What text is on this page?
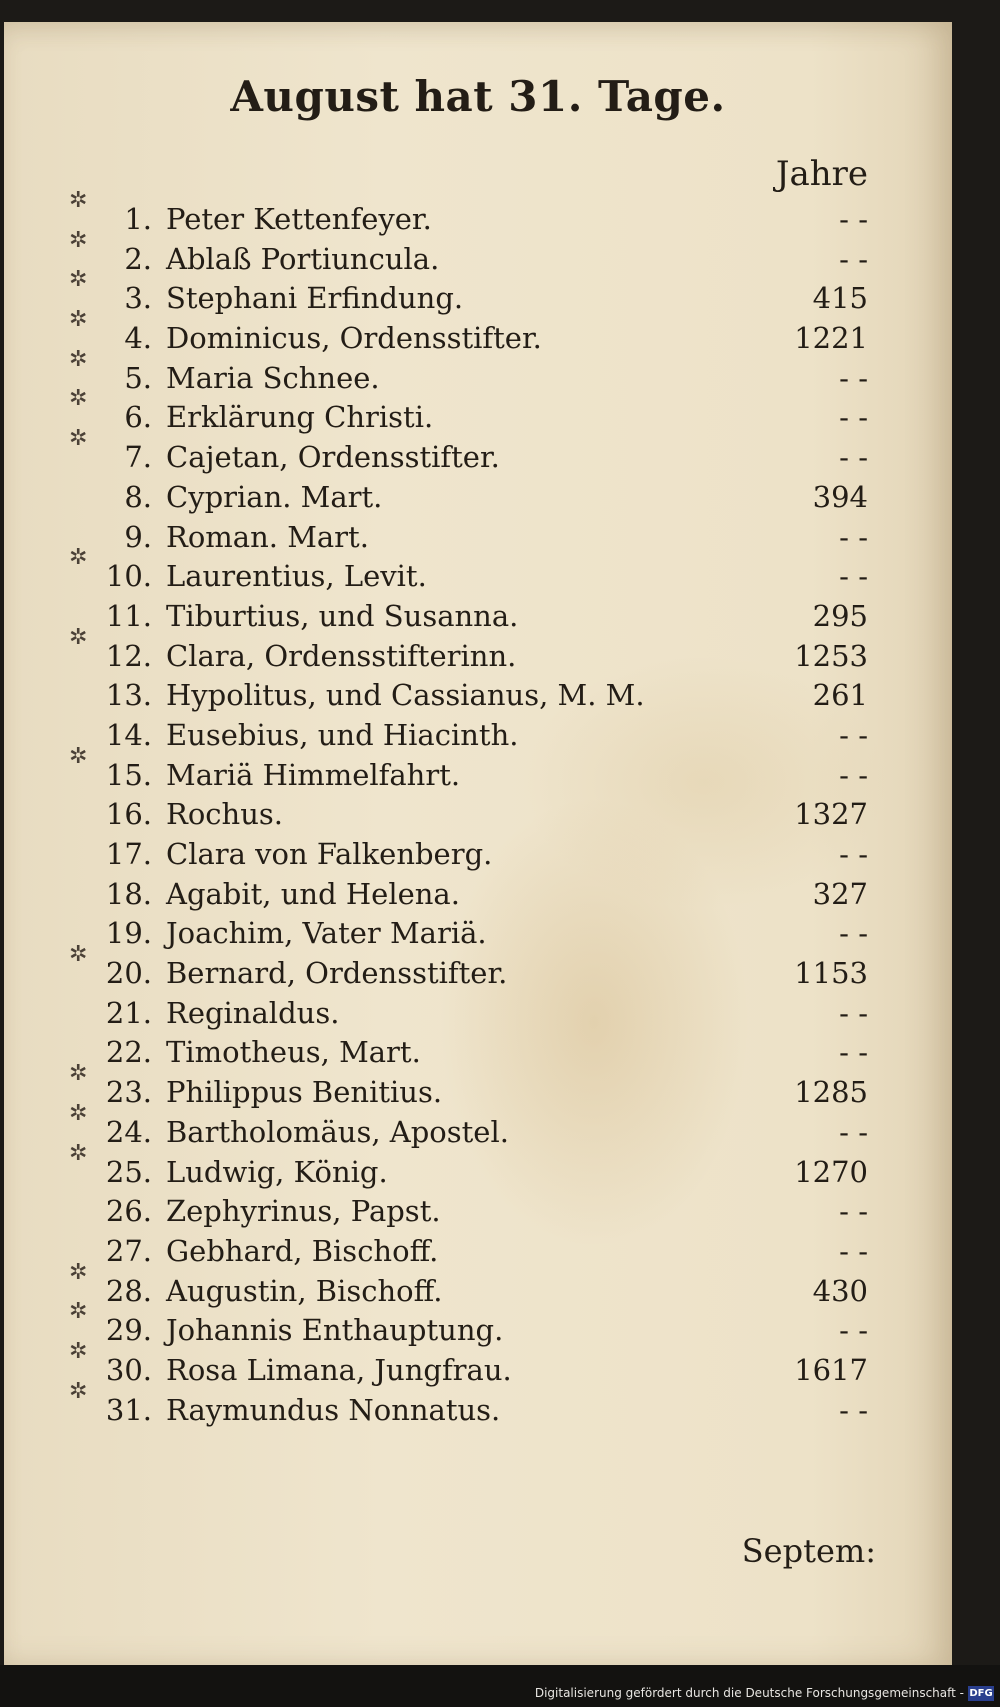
August hat 31. Tage.
Jahre
✲
1. Peter Kettenfeyer.	- -
✲
2. Ablaß Portiuncula.	- -
✲
3. Stephani Erfindung.	415
✲
4. Dominicus, Ordensstifter.	1221
✲
5. Maria Schnee.	- -
✲
6. Erklärung Christi.	- -
✲
7. Cajetan, Ordensstifter.	- -
8. Cyprian. Mart.	394
9. Roman. Mart.	- -
✲
10. Laurentius, Levit.	- -
11. Tiburtius, und Susanna.	295
✲
12. Clara, Ordensstifterinn.	1253
13. Hypolitus, und Cassianus, M. M.	261
14. Eusebius, und Hiacinth.	- -
✲
15. Mariä Himmelfahrt.	- -
16. Rochus.	1327
17. Clara von Falkenberg.	- -
18. Agabit, und Helena.	327
19. Joachim, Vater Mariä.	- -
✲
20. Bernard, Ordensstifter.	1153
21. Reginaldus.	- -
22. Timotheus, Mart.	- -
✲
23. Philippus Benitius.	1285
✲
24. Bartholomäus, Apostel.	- -
✲
25. Ludwig, König.	1270
26. Zephyrinus, Papst.	- -
27. Gebhard, Bischoff.	- -
✲
28. Augustin, Bischoff.	430
✲
29. Johannis Enthauptung.	- -
✲
30. Rosa Limana, Jungfrau.	1617
✲
31. Raymundus Nonnatus.	- -
Septem:
Digitalisierung gefördert durch die Deutsche Forschungsgemeinschaft - DFG
